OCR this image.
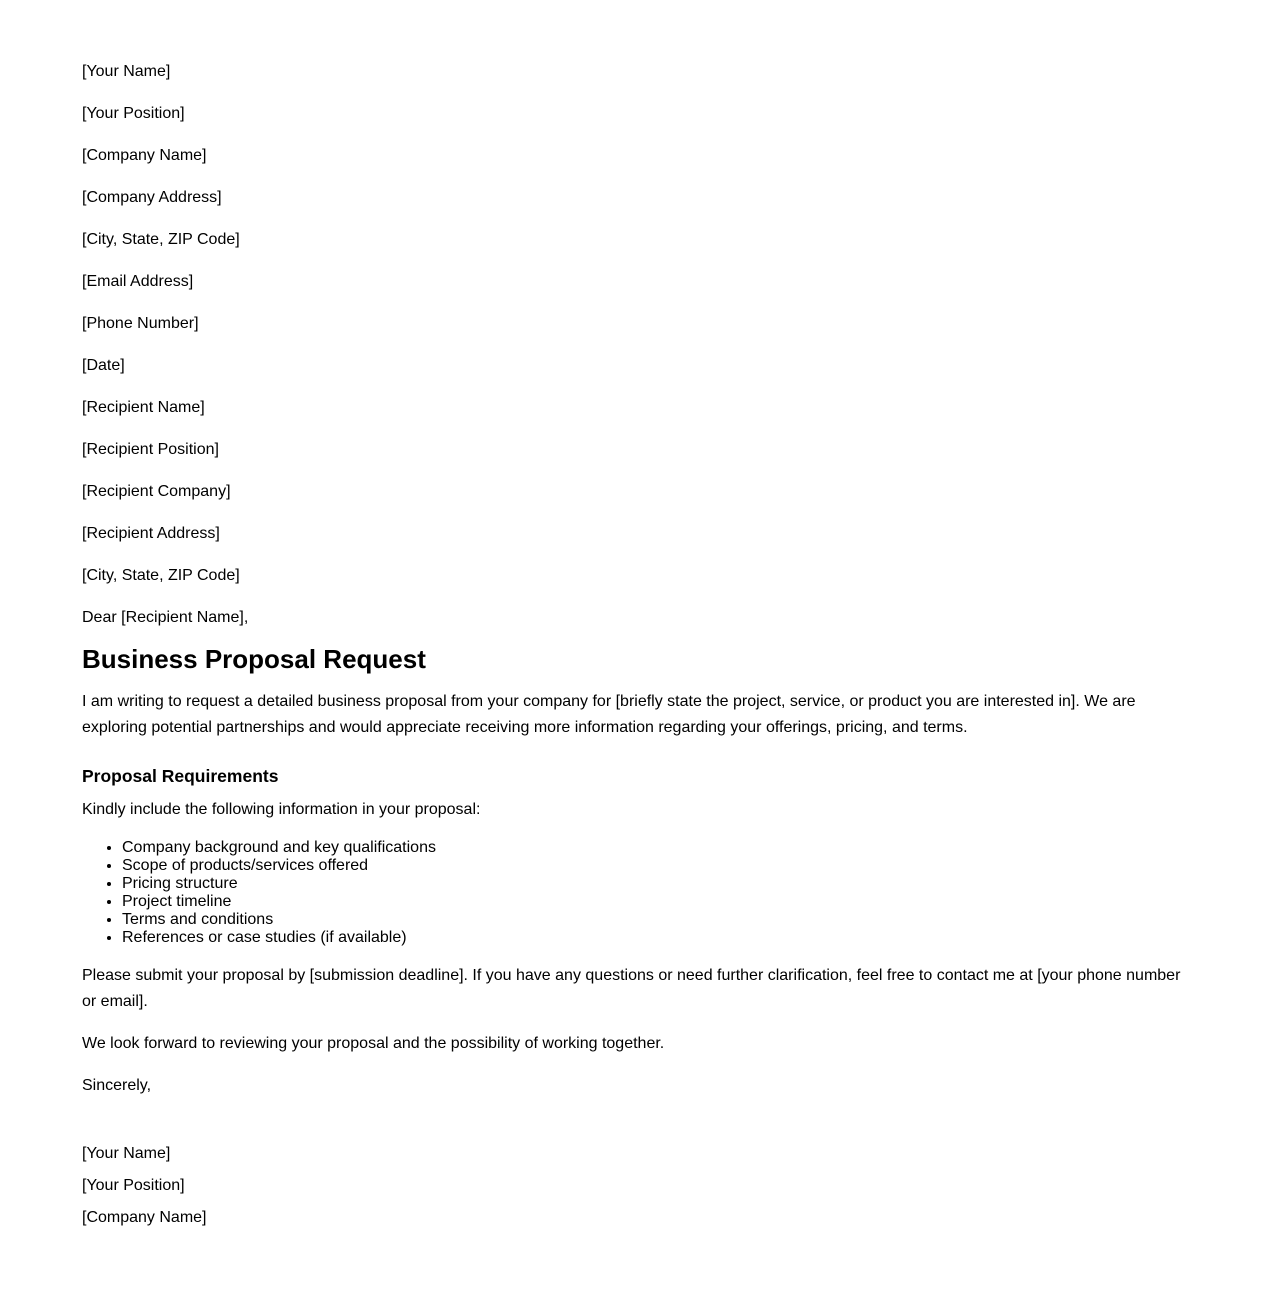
[Your Name]

[Your Position]

[Company Name]

[Company Address]

[City, State, ZIP Code]

[Email Address]

[Phone Number]

[Date]

[Recipient Name]

[Recipient Position]

[Recipient Company]

[Recipient Address]

[City, State, ZIP Code]

Dear [Recipient Name],

Business Proposal Request

I am writing to request a detailed business proposal from your company for [briefly state the project, service, or product you are interested in]. We are exploring potential partnerships and would appreciate receiving more information regarding your offerings, pricing, and terms.

Proposal Requirements

Kindly include the following information in your proposal:

• Company background and key qualifications
• Scope of products/services offered
• Pricing structure
• Project timeline
• Terms and conditions
• References or case studies (if available)

Please submit your proposal by [submission deadline]. If you have any questions or need further clarification, feel free to contact me at [your phone number or email].

We look forward to reviewing your proposal and the possibility of working together.

Sincerely,

[Your Name]

[Your Position]

[Company Name]
